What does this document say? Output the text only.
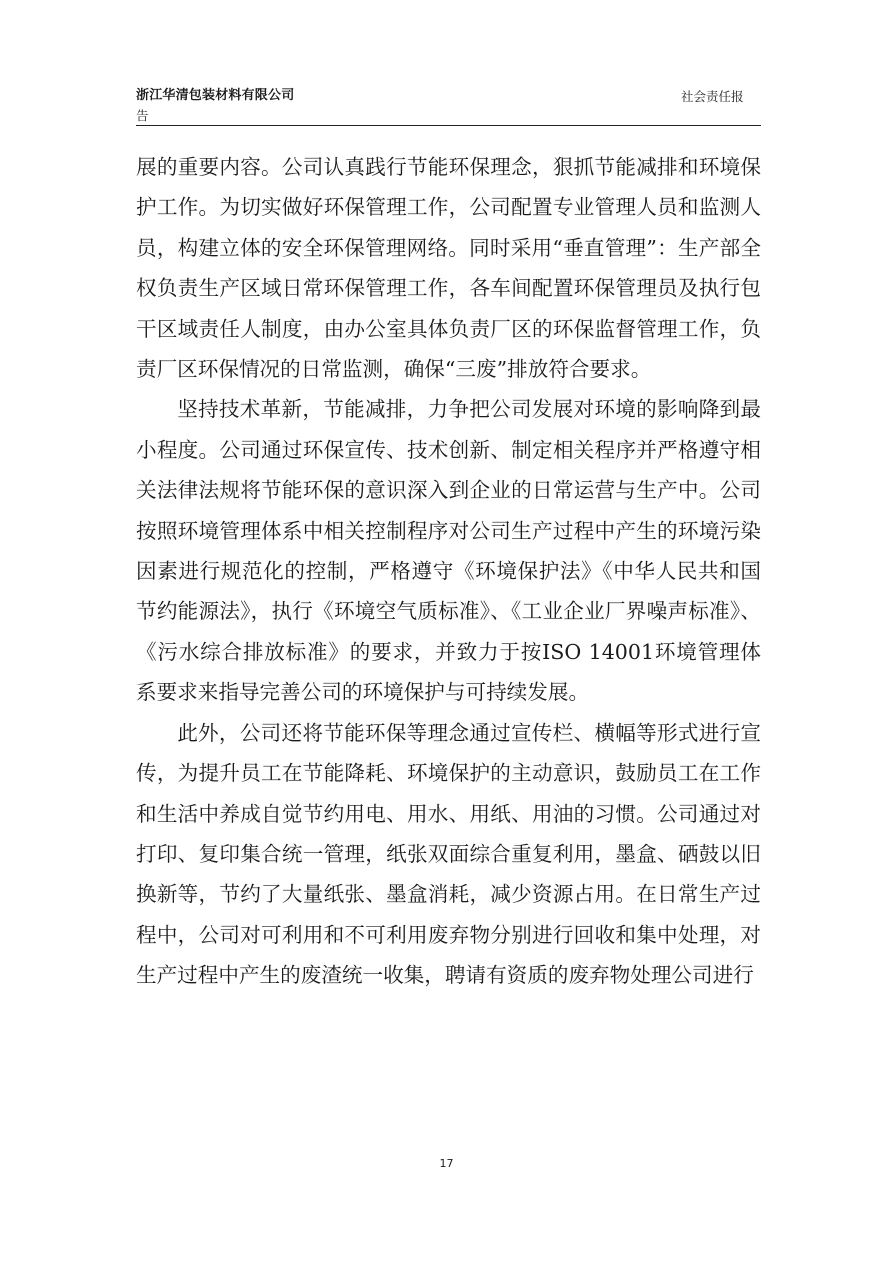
浙江华清包装材料有限公司	社会责任报
告

展的重要内容。公司认真践行节能环保理念，狠抓节能减排和环境保护工作。为切实做好环保管理工作，公司配置专业管理人员和监测人员，构建立体的安全环保管理网络。同时采用“垂直管理”：生产部全权负责生产区域日常环保管理工作，各车间配置环保管理员及执行包干区域责任人制度，由办公室具体负责厂区的环保监督管理工作，负责厂区环保情况的日常监测，确保“三废”排放符合要求。

坚持技术革新，节能减排，力争把公司发展对环境的影响降到最小程度。公司通过环保宣传、技术创新、制定相关程序并严格遵守相关法律法规将节能环保的意识深入到企业的日常运营与生产中。公司按照环境管理体系中相关控制程序对公司生产过程中产生的环境污染因素进行规范化的控制，严格遵守《环境保护法》《中华人民共和国节约能源法》，执行《环境空气质标准》、《工业企业厂界噪声标准》、《污水综合排放标准》的要求，并致力于按ISO 14001环境管理体系要求来指导完善公司的环境保护与可持续发展。

此外，公司还将节能环保等理念通过宣传栏、横幅等形式进行宣传，为提升员工在节能降耗、环境保护的主动意识，鼓励员工在工作和生活中养成自觉节约用电、用水、用纸、用油的习惯。公司通过对打印、复印集合统一管理，纸张双面综合重复利用，墨盒、硒鼓以旧换新等，节约了大量纸张、墨盒消耗，减少资源占用。在日常生产过程中，公司对可利用和不可利用废弃物分别进行回收和集中处理，对生产过程中产生的废渣统一收集，聘请有资质的废弃物处理公司进行

17
